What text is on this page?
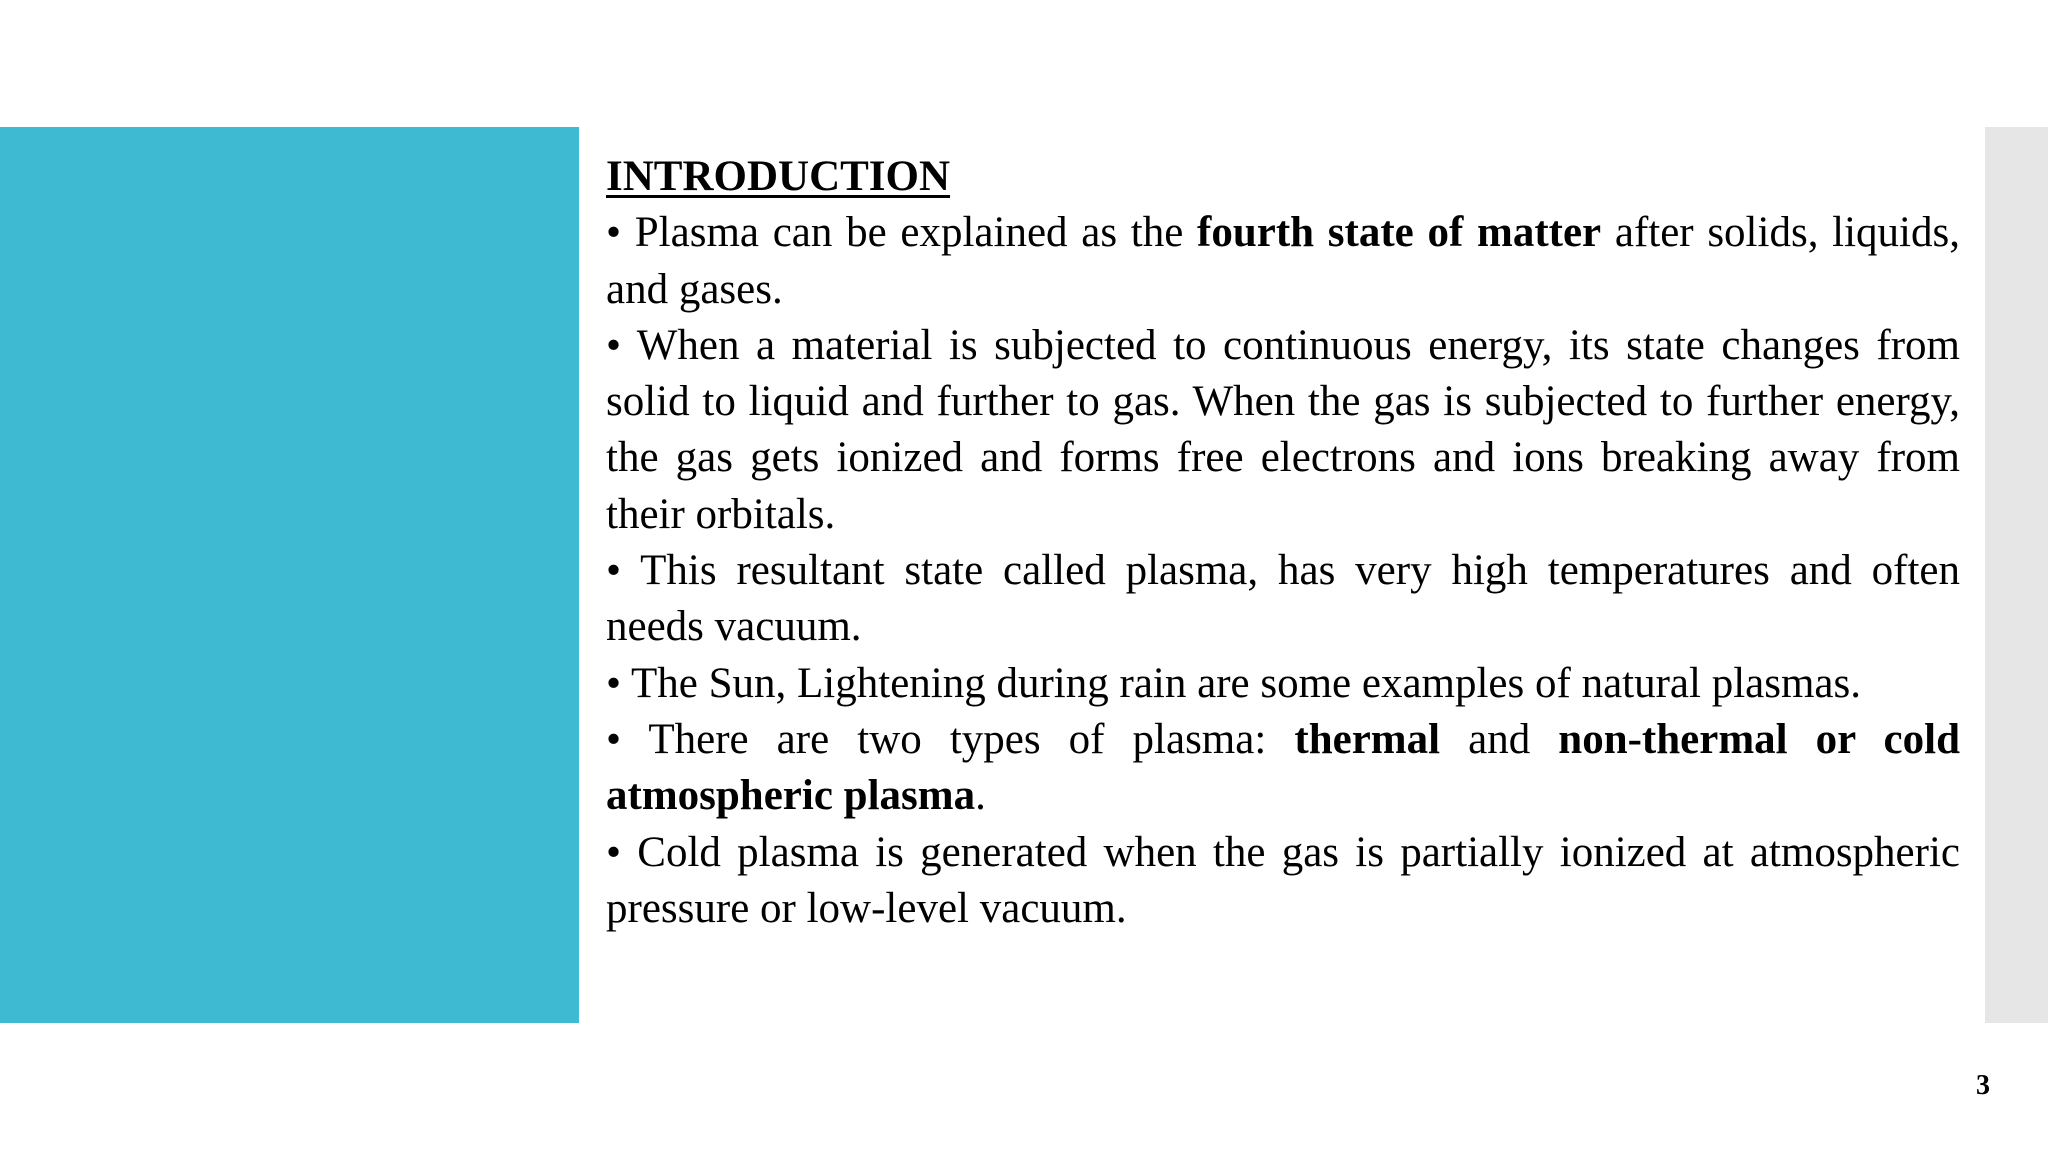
INTRODUCTION

• Plasma can be explained as the fourth state of matter after solids, liquids, and gases.

• When a material is subjected to continuous energy, its state changes from solid to liquid and further to gas. When the gas is subjected to further energy, the gas gets ionized and forms free electrons and ions breaking away from their orbitals.

• This resultant state called plasma, has very high temperatures and often needs vacuum.

• The Sun, Lightening during rain are some examples of natural plasmas.

• There are two types of plasma: thermal and non-thermal or cold atmospheric plasma.

• Cold plasma is generated when the gas is partially ionized at atmospheric pressure or low-level vacuum.

3
